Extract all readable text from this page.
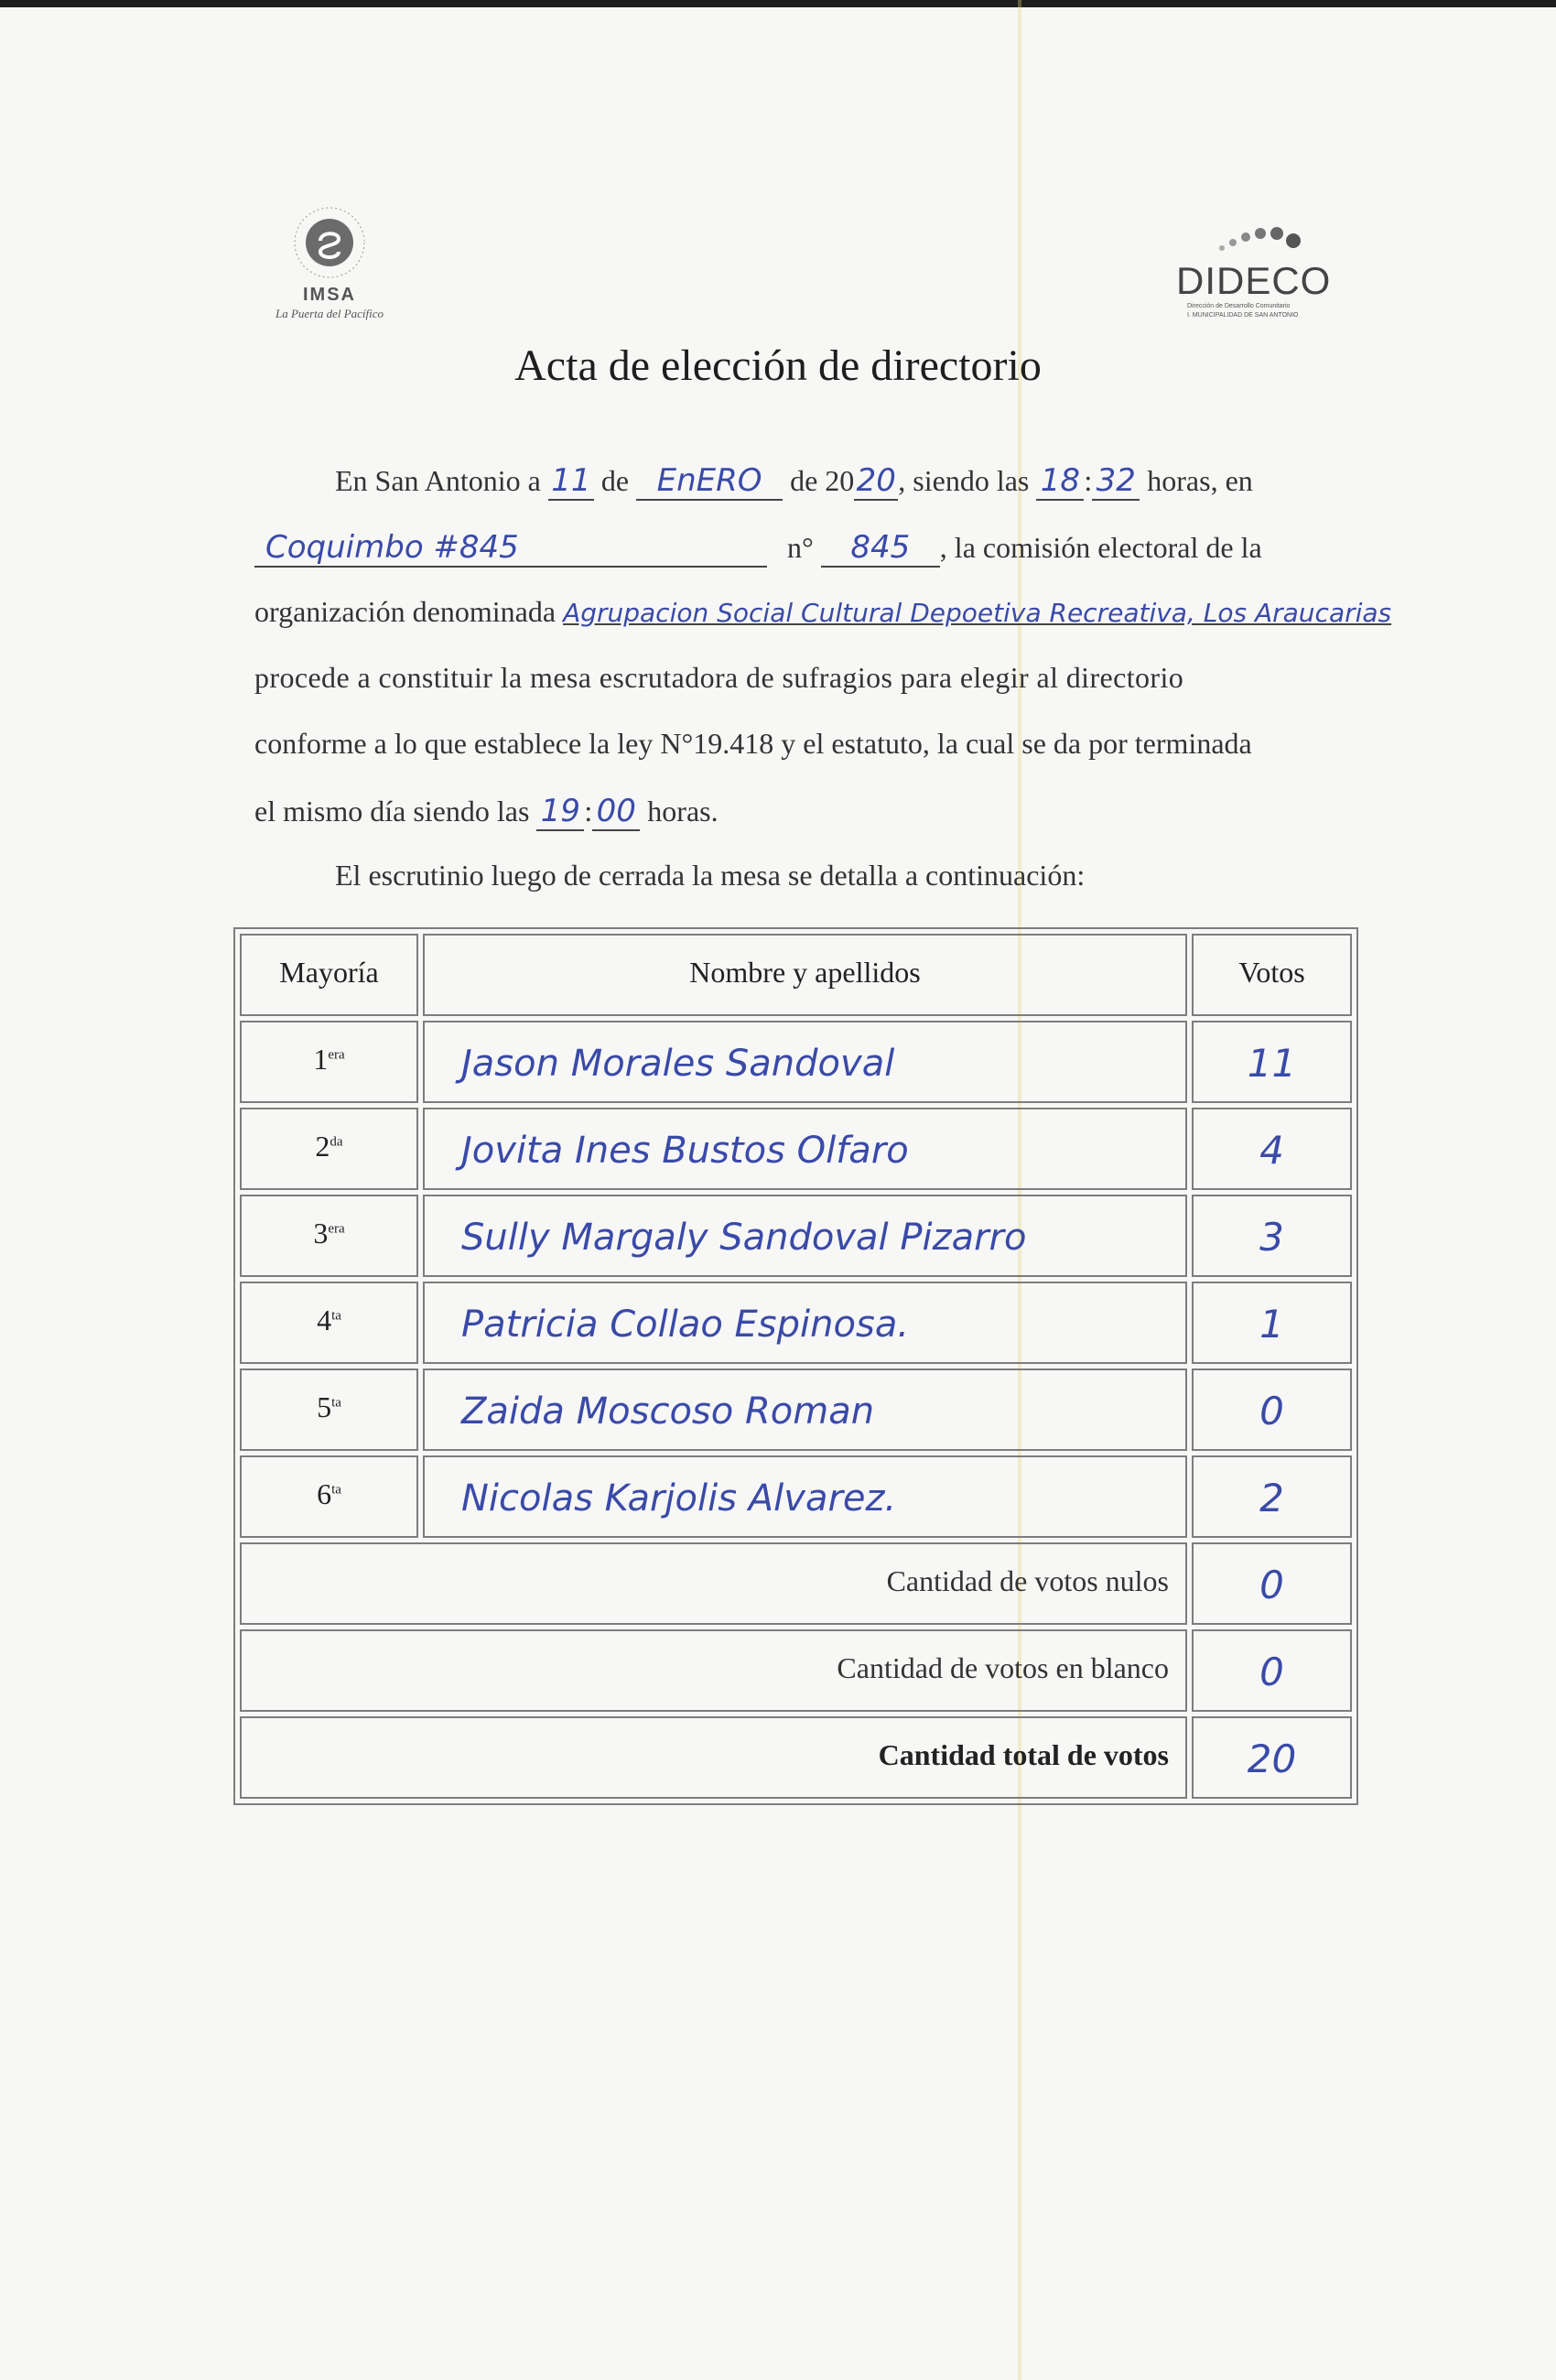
IMSA
La Puerta del Pacífico
DIDECO
Dirección de Desarrollo Comunitario
I. MUNICIPALIDAD DE SAN ANTONIO
Acta de elección de directorio
En San Antonio a 11 de EnERO de 2020, siendo las 18 : 32 horas, en
Coquimbo #845	n° 845 , la comisión electoral de la
organización denominada Agrupacion Social Cultural Depoetiva Recreativa, Los Araucarias
procede a constituir la mesa escrutadora de sufragios para elegir al directorio
conforme a lo que establece la ley N°19.418 y el estatuto, la cual se da por terminada
el mismo día siendo las 19 : 00 horas.
El escrutinio luego de cerrada la mesa se detalla a continuación:
Mayoría	Nombre y apellidos	Votos
$1^{era}$	Jason Morales Sandoval	11
$2^{da}$	Jovita Ines Bustos Olfaro	4
$3^{era}$	Sully Margaly Sandoval Pizarro	3
$4^{ta}$	Patricia Collao Espinosa.	1
$5^{ta}$	Zaida Moscoso Roman	0
$6^{ta}$	Nicolas Karjolis Alvarez.	2
Cantidad de votos nulos	0
Cantidad de votos en blanco	0
Cantidad total de votos	20
